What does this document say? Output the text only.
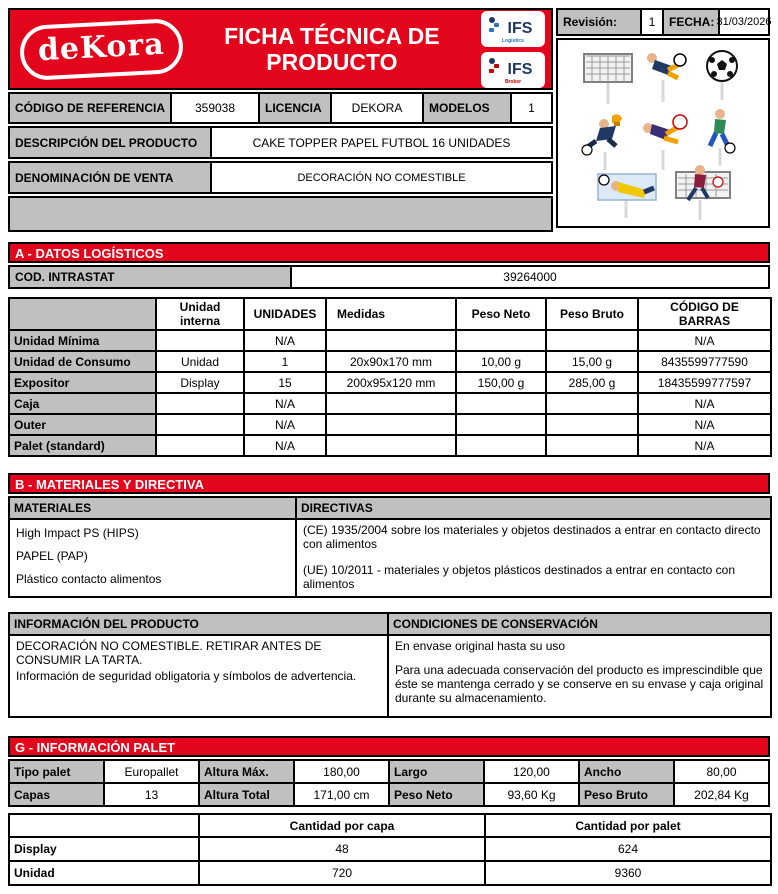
deKora	FICHA TÉCNICA DE PRODUCTO
IFS
Logistics
IFS
Broker
CÓDIGO DE REFERENCIA	359038	LICENCIA	DEKORA	MODELOS	1
DESCRIPCIÓN DEL PRODUCTO	CAKE TOPPER PAPEL FUTBOL 16 UNIDADES
DENOMINACIÓN DE VENTA	DECORACIÓN NO COMESTIBLE
Revisión:	1	FECHA: 31/03/2026
A - DATOS LOGÍSTICOS
COD. INTRASTAT	39264000
	Unidad interna	UNIDADES	Medidas	Peso Neto	Peso Bruto	CÓDIGO DE BARRAS
Unidad Mínima		N/A				N/A
Unidad de Consumo	Unidad	1	20x90x170 mm	10,00 g	15,00 g	8435599777590
Expositor	Display	15	200x95x120 mm	150,00 g	285,00 g	18435599777597
Caja		N/A				N/A
Outer		N/A				N/A
Palet (standard)		N/A				N/A
B - MATERIALES Y DIRECTIVA
MATERIALES	DIRECTIVAS

High Impact PS (HIPS)
PAPEL (PAP)
Plástico contacto alimentos

(CE) 1935/2004 sobre los materiales y objetos destinados a entrar en contacto directo con alimentos
(UE) 10/2011 - materiales y objetos plásticos destinados a entrar en contacto con alimentos
INFORMACIÓN DEL PRODUCTO	CONDICIONES DE CONSERVACIÓN

DECORACIÓN NO COMESTIBLE. RETIRAR ANTES DE CONSUMIR LA TARTA.
Información de seguridad obligatoria y símbolos de advertencia.

En envase original hasta su uso
Para una adecuada conservación del producto es imprescindible que éste se mantenga cerrado y se conserve en su envase y caja original durante su almacenamiento.
G - INFORMACIÓN PALET
Tipo palet	Europallet	Altura Máx.	180,00	Largo	120,00	Ancho	80,00
Capas	13	Altura Total	171,00 cm	Peso Neto	93,60 Kg	Peso Bruto	202,84 Kg
	Cantidad por capa	Cantidad por palet
Display	48	624
Unidad	720	9360
